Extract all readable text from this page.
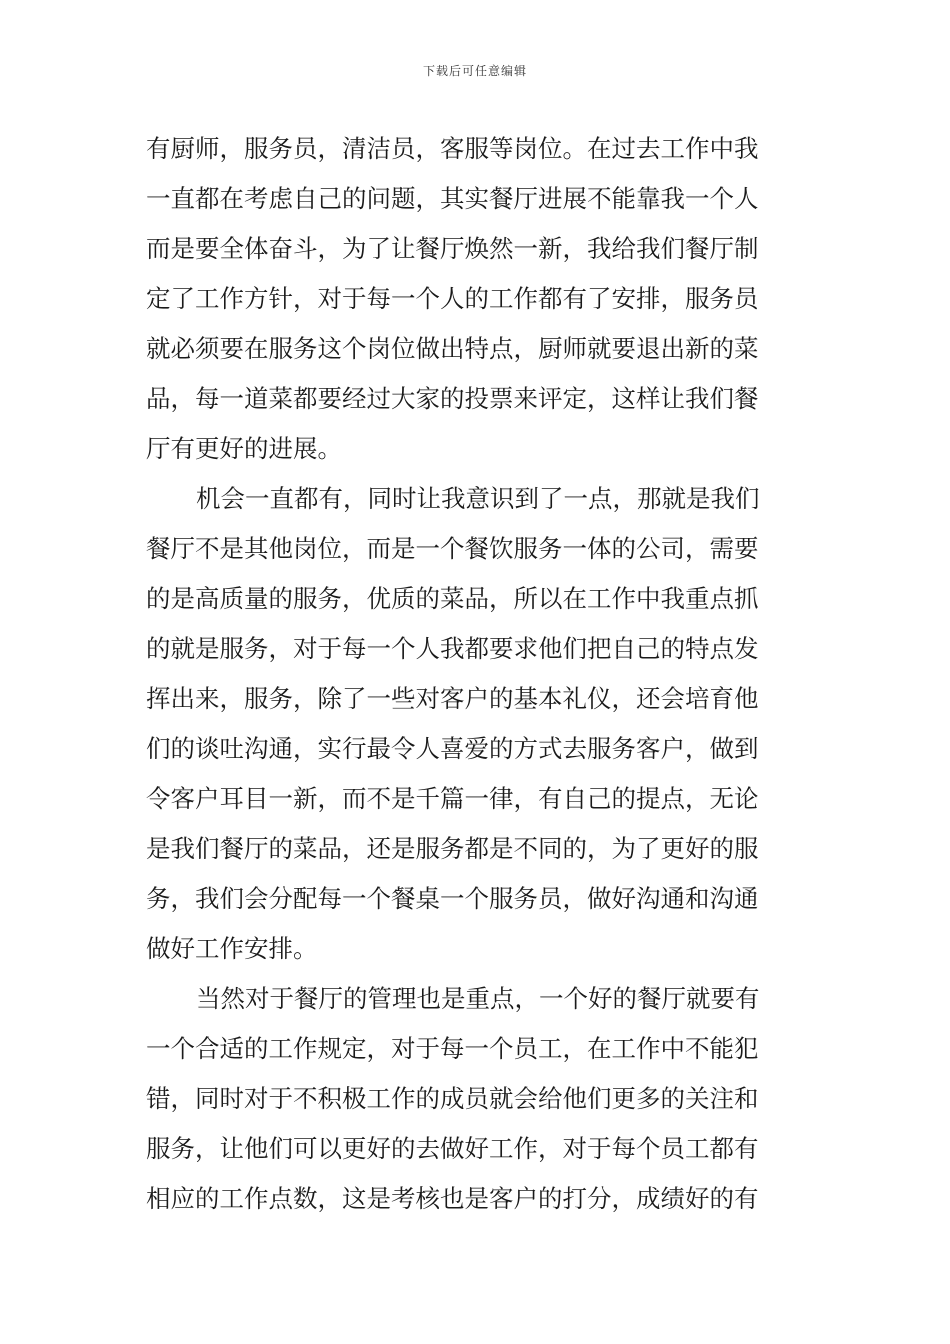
下载后可任意编辑
有厨师，服务员，清洁员，客服等岗位。在过去工作中我
一直都在考虑自己的问题，其实餐厅进展不能靠我一个人
而是要全体奋斗，为了让餐厅焕然一新，我给我们餐厅制
定了工作方针，对于每一个人的工作都有了安排，服务员
就必须要在服务这个岗位做出特点，厨师就要退出新的菜
品，每一道菜都要经过大家的投票来评定，这样让我们餐
厅有更好的进展。
机会一直都有，同时让我意识到了一点，那就是我们
餐厅不是其他岗位，而是一个餐饮服务一体的公司，需要
的是高质量的服务，优质的菜品，所以在工作中我重点抓
的就是服务，对于每一个人我都要求他们把自己的特点发
挥出来，服务，除了一些对客户的基本礼仪，还会培育他
们的谈吐沟通，实行最令人喜爱的方式去服务客户，做到
令客户耳目一新，而不是千篇一律，有自己的提点，无论
是我们餐厅的菜品，还是服务都是不同的，为了更好的服
务，我们会分配每一个餐桌一个服务员，做好沟通和沟通
做好工作安排。
当然对于餐厅的管理也是重点，一个好的餐厅就要有
一个合适的工作规定，对于每一个员工，在工作中不能犯
错，同时对于不积极工作的成员就会给他们更多的关注和
服务，让他们可以更好的去做好工作，对于每个员工都有
相应的工作点数，这是考核也是客户的打分，成绩好的有
